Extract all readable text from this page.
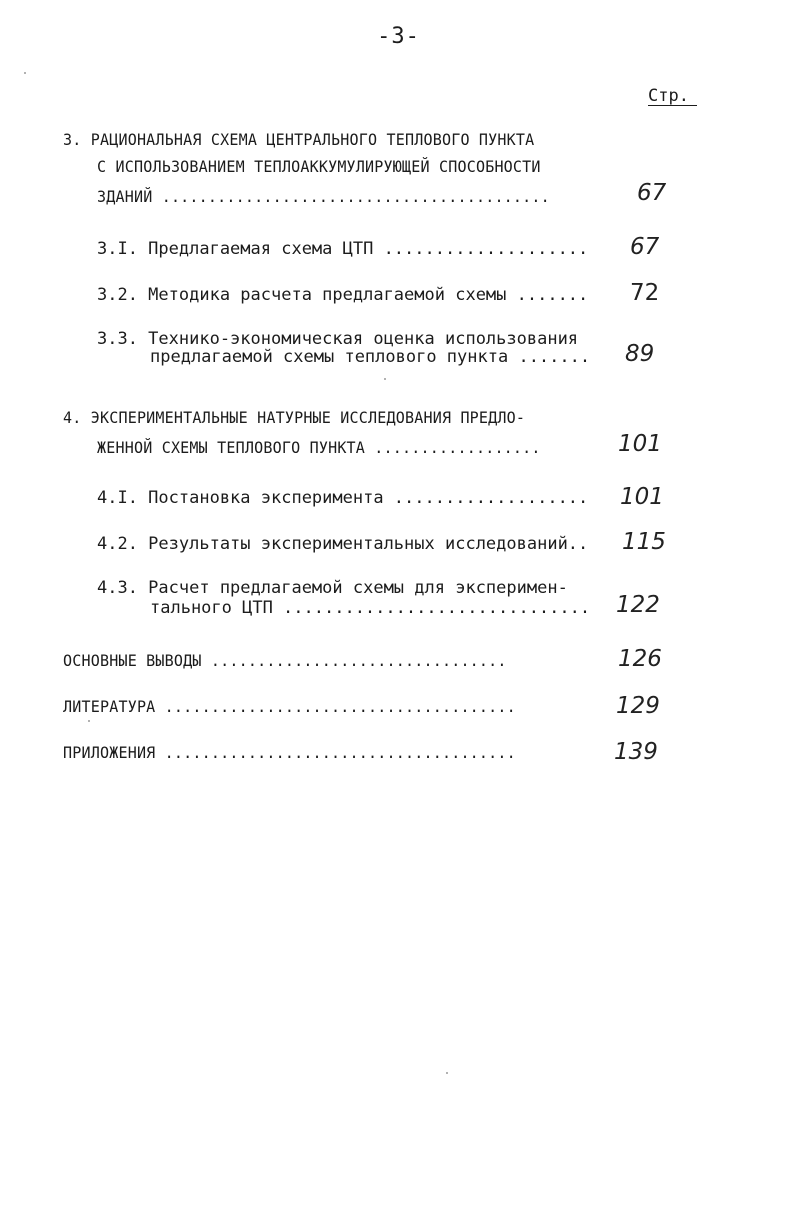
-3-
Стр.
3. РАЦИОНАЛЬНАЯ СХЕМА ЦЕНТРАЛЬНОГО ТЕПЛОВОГО ПУНКТА
С ИСПОЛЬЗОВАНИЕМ ТЕПЛОАККУМУЛИРУЮЩЕЙ СПОСОБНОСТИ
ЗДАНИЙ ..........................................	67
3.I. Предлагаемая схема ЦТП .................... 67
3.2. Методика расчета предлагаемой схемы ....... 72
3.3. Технико-экономическая оценка использования
предлагаемой схемы теплового пункта ....... 89
4. ЭКСПЕРИМЕНТАЛЬНЫЕ НАТУРНЫЕ ИССЛЕДОВАНИЯ ПРЕДЛО-
ЖЕННОЙ СХЕМЫ ТЕПЛОВОГО ПУНКТА ..................	101
4.I. Постановка эксперимента ................... 101
4.2. Результаты экспериментальных исследований.. 115
4.3. Расчет предлагаемой схемы для эксперимен-
тального ЦТП .............................. 122
ОСНОВНЫЕ ВЫВОДЫ ................................	126
ЛИТЕРАТУРА ......................................	129
ПРИЛОЖЕНИЯ ......................................	139
